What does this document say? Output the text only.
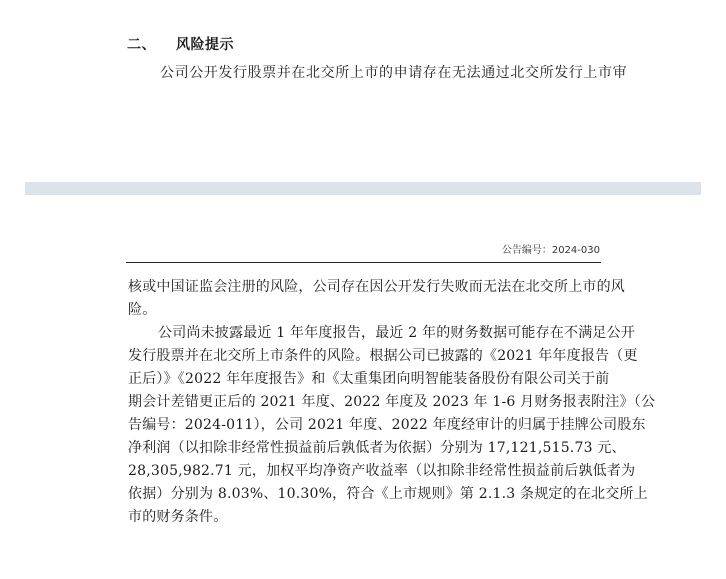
二、 风险提示
公司公开发行股票并在北交所上市的申请存在无法通过北交所发行上市审
公告编号：2024-030
核或中国证监会注册的风险，公司存在因公开发行失败而无法在北交所上市的风
险。
公司尚未披露最近 1 年年度报告，最近 2 年的财务数据可能存在不满足公开
发行股票并在北交所上市条件的风险。根据公司已披露的《2021 年年度报告（更
正后）》《2022 年年度报告》和《太重集团向明智能装备股份有限公司关于前
期会计差错更正后的 2021 年度、2022 年度及 2023 年 1-6 月财务报表附注》（公
告编号：2024-011），公司 2021 年度、2022 年度经审计的归属于挂牌公司股东
净利润（以扣除非经常性损益前后孰低者为依据）分别为 17,121,515.73 元、
28,305,982.71 元，加权平均净资产收益率（以扣除非经常性损益前后孰低者为
依据）分别为 8.03%、10.30%，符合《上市规则》第 2.1.3 条规定的在北交所上
市的财务条件。
